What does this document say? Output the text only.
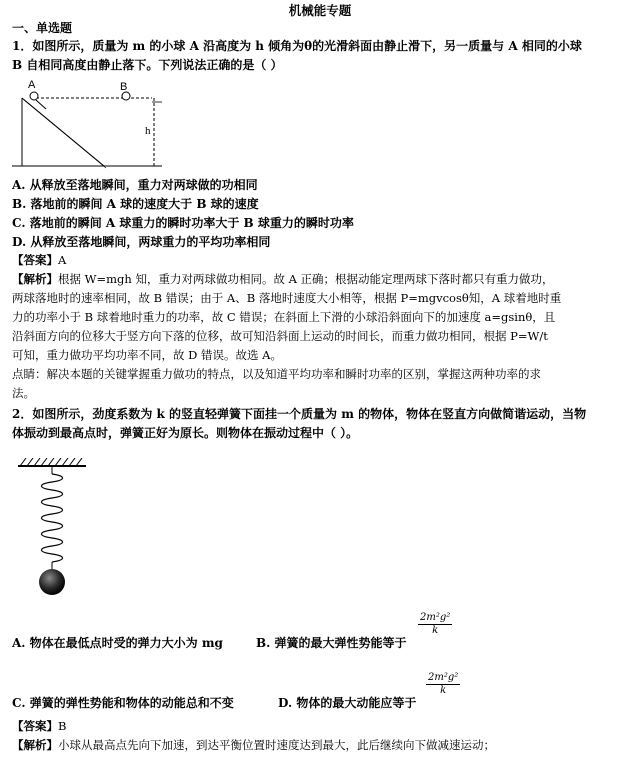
机械能专题
一、单选题
1．如图所示，质量为 m 的小球 A 沿高度为 h 倾角为θ的光滑斜面由静止滑下，另一质量与 A 相同的小球
B 自相同高度由静止落下。下列说法正确的是（ ）
A	B
h
A. 从释放至落地瞬间，重力对两球做的功相同
B. 落地前的瞬间 A 球的速度大于 B 球的速度
C. 落地前的瞬间 A 球重力的瞬时功率大于 B 球重力的瞬时功率
D. 从释放至落地瞬间，两球重力的平均功率相同
【答案】A
【解析】根据 W=mgh 知，重力对两球做功相同。故 A 正确；根据动能定理两球下落时都只有重力做功，
两球落地时的速率相同，故 B 错误；由于 A、B 落地时速度大小相等，根据 P=mgvcosθ知，A 球着地时重
力的功率小于 B 球着地时重力的功率，故 C 错误；在斜面上下滑的小球沿斜面向下的加速度 a=gsinθ，且
沿斜面方向的位移大于竖方向下落的位移，故可知沿斜面上运动的时间长，而重力做功相同，根据 P=W/t
可知，重力做功平均功率不同，故 D 错误。故选 A。
点睛：解决本题的关键掌握重力做功的特点，以及知道平均功率和瞬时功率的区别，掌握这两种功率的求
法。
2．如图所示，劲度系数为 k 的竖直轻弹簧下面挂一个质量为 m 的物体，物体在竖直方向做简谐运动，当物
体振动到最高点时，弹簧正好为原长。则物体在振动过程中（ ）。
A. 物体在最低点时受的弹力大小为 mg	B. 弹簧的最大弹性势能等于
$\frac{\text{2m²g²}}{k}$
C. 弹簧的弹性势能和物体的动能总和不变	D. 物体的最大动能应等于
$\frac{\text{2m²g²}}{k}$
【答案】B
【解析】小球从最高点先向下加速，到达平衡位置时速度达到最大，此后继续向下做减速运动；
